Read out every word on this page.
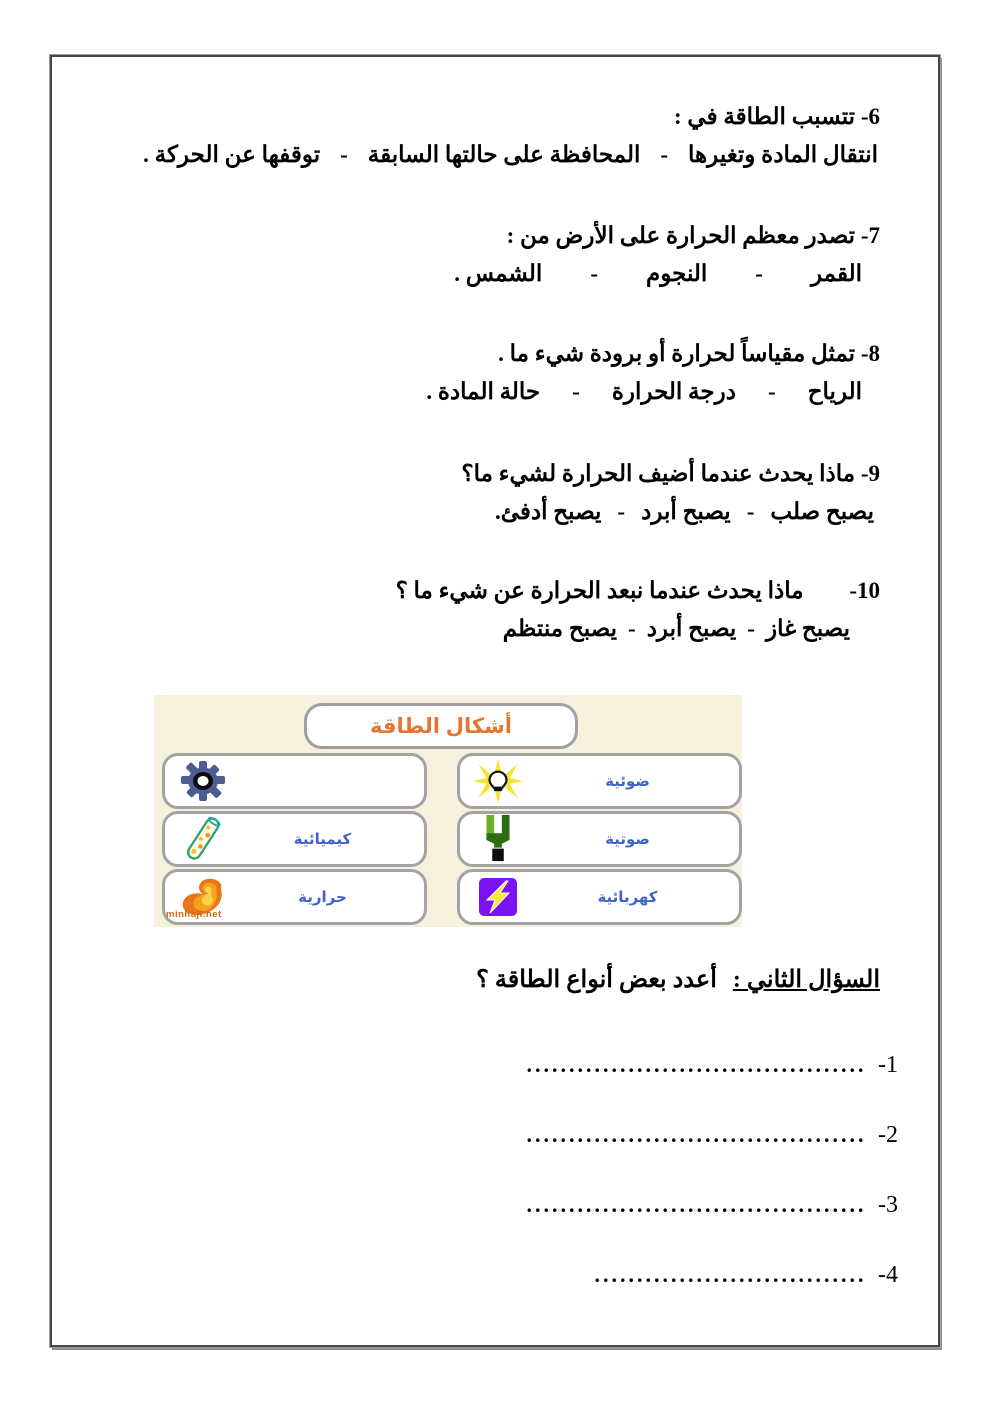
6- تتسبب الطاقة في :
انتقال المادة وتغيرها
-
المحافظة على حالتها السابقة
-
توقفها عن الحركة .
7- تصدر معظم الحرارة على الأرض من :
القمر
-
النجوم
-
الشمس .
8- تمثل مقياساً لحرارة أو برودة شيء ما .
الرياح
-
درجة الحرارة
-
حالة المادة .
9- ماذا يحدث عندما أضيف الحرارة لشيء ما؟
يصبح صلب
-
يصبح أبرد
-
يصبح أدفئ.
10- ماذا يحدث عندما نبعد الحرارة عن شيء ما ؟
يصبح غاز
-
يصبح أبرد
-
يصبح منتظم
أشكال الطاقة
ضوئية
كيميائية	صوتية
حرارية	كهربائية
minhaji.net
السؤال الثاني : أعدد بعض أنواع الطاقة ؟
........................................ -1
........................................ -2
........................................ -3
................................ -4
